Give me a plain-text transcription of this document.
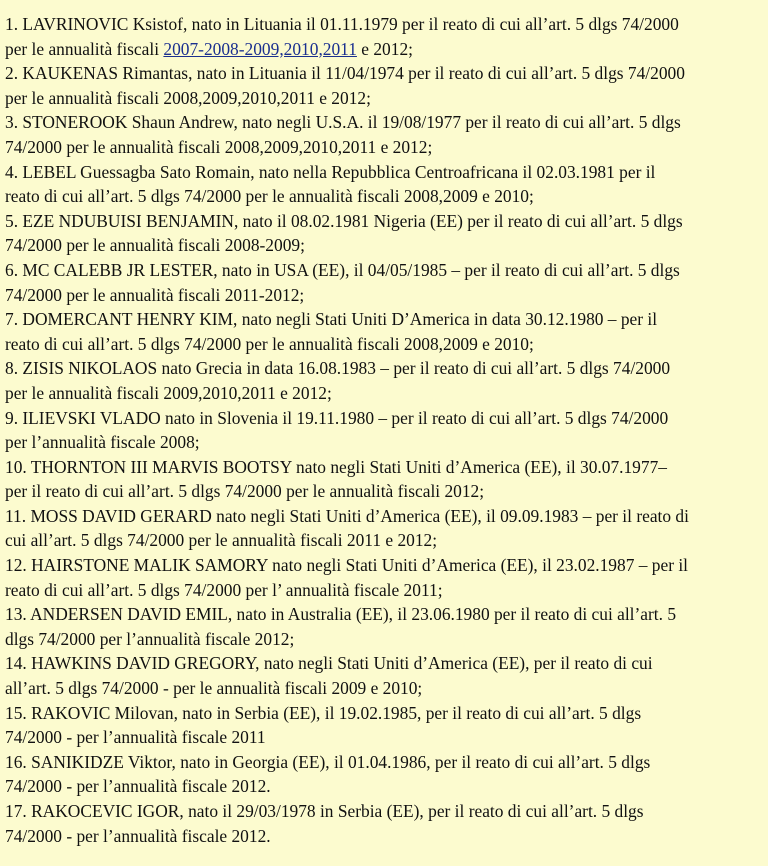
1. LAVRINOVIC Ksistof, nato in Lituania il 01.11.1979 per il reato di cui all’art. 5 dlgs 74/2000
per le annualità fiscali 2007-2008-2009,2010,2011 e 2012;

2. KAUKENAS Rimantas, nato in Lituania il 11/04/1974 per il reato di cui all’art. 5 dlgs 74/2000
per le annualità fiscali 2008,2009,2010,2011 e 2012;

3. STONEROOK Shaun Andrew, nato negli U.S.A. il 19/08/1977 per il reato di cui all’art. 5 dlgs
74/2000 per le annualità fiscali 2008,2009,2010,2011 e 2012;

4. LEBEL Guessagba Sato Romain, nato nella Repubblica Centroafricana il 02.03.1981 per il
reato di cui all’art. 5 dlgs 74/2000 per le annualità fiscali 2008,2009 e 2010;

5. EZE NDUBUISI BENJAMIN, nato il 08.02.1981 Nigeria (EE) per il reato di cui all’art. 5 dlgs
74/2000 per le annualità fiscali 2008-2009;

6. MC CALEBB JR LESTER, nato in USA (EE), il 04/05/1985 – per il reato di cui all’art. 5 dlgs
74/2000 per le annualità fiscali 2011-2012;

7. DOMERCANT HENRY KIM, nato negli Stati Uniti D’America in data 30.12.1980 – per il
reato di cui all’art. 5 dlgs 74/2000 per le annualità fiscali 2008,2009 e 2010;

8. ZISIS NIKOLAOS nato Grecia in data 16.08.1983 – per il reato di cui all’art. 5 dlgs 74/2000
per le annualità fiscali 2009,2010,2011 e 2012;

9. ILIEVSKI VLADO nato in Slovenia il 19.11.1980 – per il reato di cui all’art. 5 dlgs 74/2000
per l’annualità fiscale 2008;

10. THORNTON III MARVIS BOOTSY nato negli Stati Uniti d’America (EE), il 30.07.1977–
per il reato di cui all’art. 5 dlgs 74/2000 per le annualità fiscali 2012;

11. MOSS DAVID GERARD nato negli Stati Uniti d’America (EE), il 09.09.1983 – per il reato di
cui all’art. 5 dlgs 74/2000 per le annualità fiscali 2011 e 2012;

12. HAIRSTONE MALIK SAMORY nato negli Stati Uniti d’America (EE), il 23.02.1987 – per il
reato di cui all’art. 5 dlgs 74/2000 per l’ annualità fiscale 2011;

13. ANDERSEN DAVID EMIL, nato in Australia (EE), il 23.06.1980 per il reato di cui all’art. 5
dlgs 74/2000 per l’annualità fiscale 2012;

14. HAWKINS DAVID GREGORY, nato negli Stati Uniti d’America (EE), per il reato di cui
all’art. 5 dlgs 74/2000 - per le annualità fiscali 2009 e 2010;

15. RAKOVIC Milovan, nato in Serbia (EE), il 19.02.1985, per il reato di cui all’art. 5 dlgs
74/2000 - per l’annualità fiscale 2011

16. SANIKIDZE Viktor, nato in Georgia (EE), il 01.04.1986, per il reato di cui all’art. 5 dlgs
74/2000 - per l’annualità fiscale 2012.

17. RAKOCEVIC IGOR, nato il 29/03/1978 in Serbia (EE), per il reato di cui all’art. 5 dlgs
74/2000 - per l’annualità fiscale 2012.
